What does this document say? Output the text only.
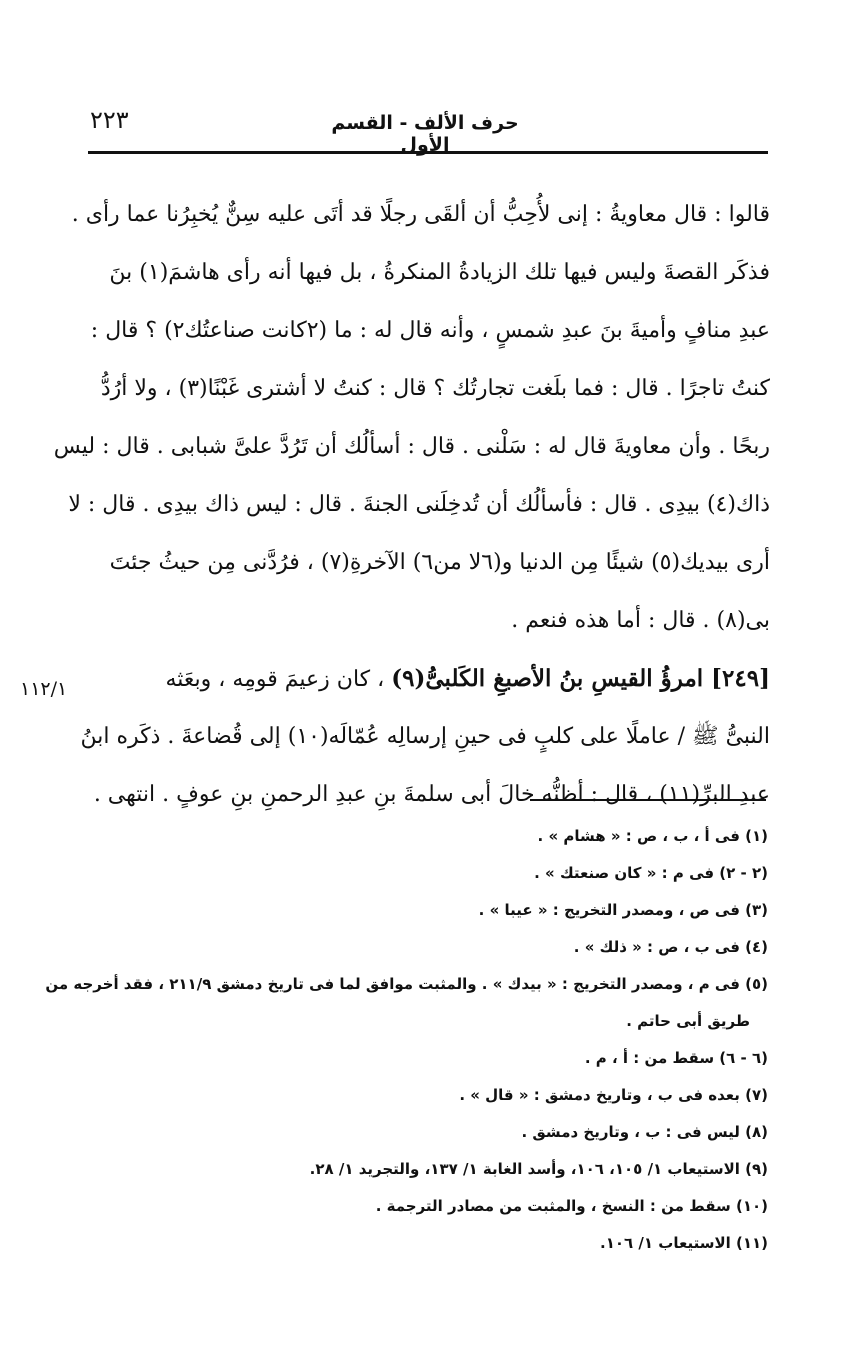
حرف الألف - القسم الأول
٢٢٣
قالوا : قال معاويةُ : إنى لأُحِبُّ أن ألقَى رجلًا قد أتَى عليه سِنٌّ يُخبِرُنا عما رأى .
فذكَر القصةَ وليس فيها تلك الزيادةُ المنكرةُ ، بل فيها أنه رأى هاشمَ(١) بنَ
عبدِ منافٍ وأميةَ بنَ عبدِ شمسٍ ، وأنه قال له : ما (٢كانت صناعتُك٢) ؟ قال :
كنتُ تاجرًا . قال : فما بلَغت تجارتُك ؟ قال : كنتُ لا أشترى غَبْنًا(٣) ، ولا أرُدُّ
ربحًا . وأن معاويةَ قال له : سَلْنى . قال : أسألُك أن تَرُدَّ علىَّ شبابى . قال : ليس
ذاك(٤) بيدِى . قال : فأسألُك أن تُدخِلَنى الجنةَ . قال : ليس ذاك بيدِى . قال : لا
أرى بيديك(٥) شيئًا مِن الدنيا و(٦لا من٦) الآخرةِ(٧) ، فرُدَّنى مِن حيثُ جئتَ
بى(٨) . قال : أما هذه فنعم .
[٢٤٩] امرؤُ القيسِ بنُ الأصبغِ الكَلبىُّ(٩) ، كان زعيمَ قومِه ، وبعَثه
النبىُّ ﷺ / عاملًا على كلبٍ فى حينِ إرسالِه عُمّالَه(١٠) إلى قُضاعةَ . ذكَره ابنُ
عبدِ البرِّ(١١) ، قال : أظنُّه خالَ أبى سلمةَ بنِ عبدِ الرحمنِ بنِ عوفٍ . انتهى .
١١٢/١
(١) فى أ ، ب ، ص : « هشام » .
(٢ - ٢) فى م : « كان صنعتك » .
(٣) فى ص ، ومصدر التخريج : « عيبا » .
(٤) فى ب ، ص : « ذلك » .
(٥) فى م ، ومصدر التخريج : « بيدك » . والمثبت موافق لما فى تاريخ دمشق ٢١١/٩ ، فقد أخرجه من
طريق أبى حاتم .
(٦ - ٦) سقط من : أ ، م .
(٧) بعده فى ب ، وتاريخ دمشق : « قال » .
(٨) ليس فى : ب ، وتاريخ دمشق .
(٩) الاستيعاب ١/ ١٠٥، ١٠٦، وأسد الغابة ١/ ١٣٧، والتجريد ١/ ٢٨.
(١٠) سقط من : النسخ ، والمثبت من مصادر الترجمة .
(١١) الاستيعاب ١/ ١٠٦.
